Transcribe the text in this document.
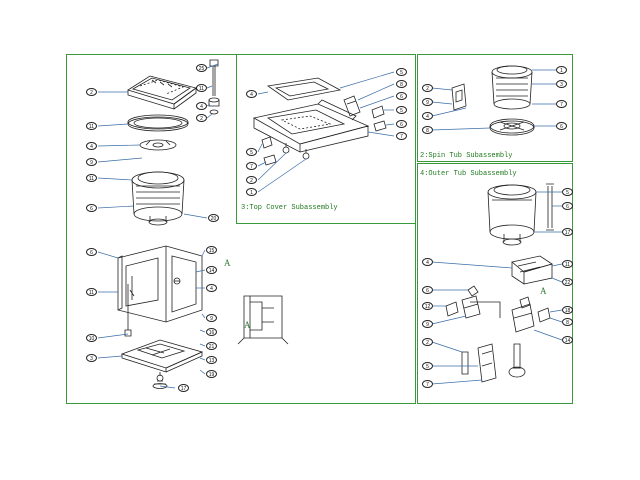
3:Top Cover Subassembly
2:Spin Tub Subassembly
4:Outer Tub Subassembly
2
11
4
9
11
6
6
11
10
3
17
15
14
4
9
16
21
13
19
20
25
11
4
2
4
5
8
6
5
6
7
5
7
2
1
1
3
7
6
2
9
4
8
5
6
17
11
22
18
8
14
4
6
12
9
2
5
7
A
A
A
